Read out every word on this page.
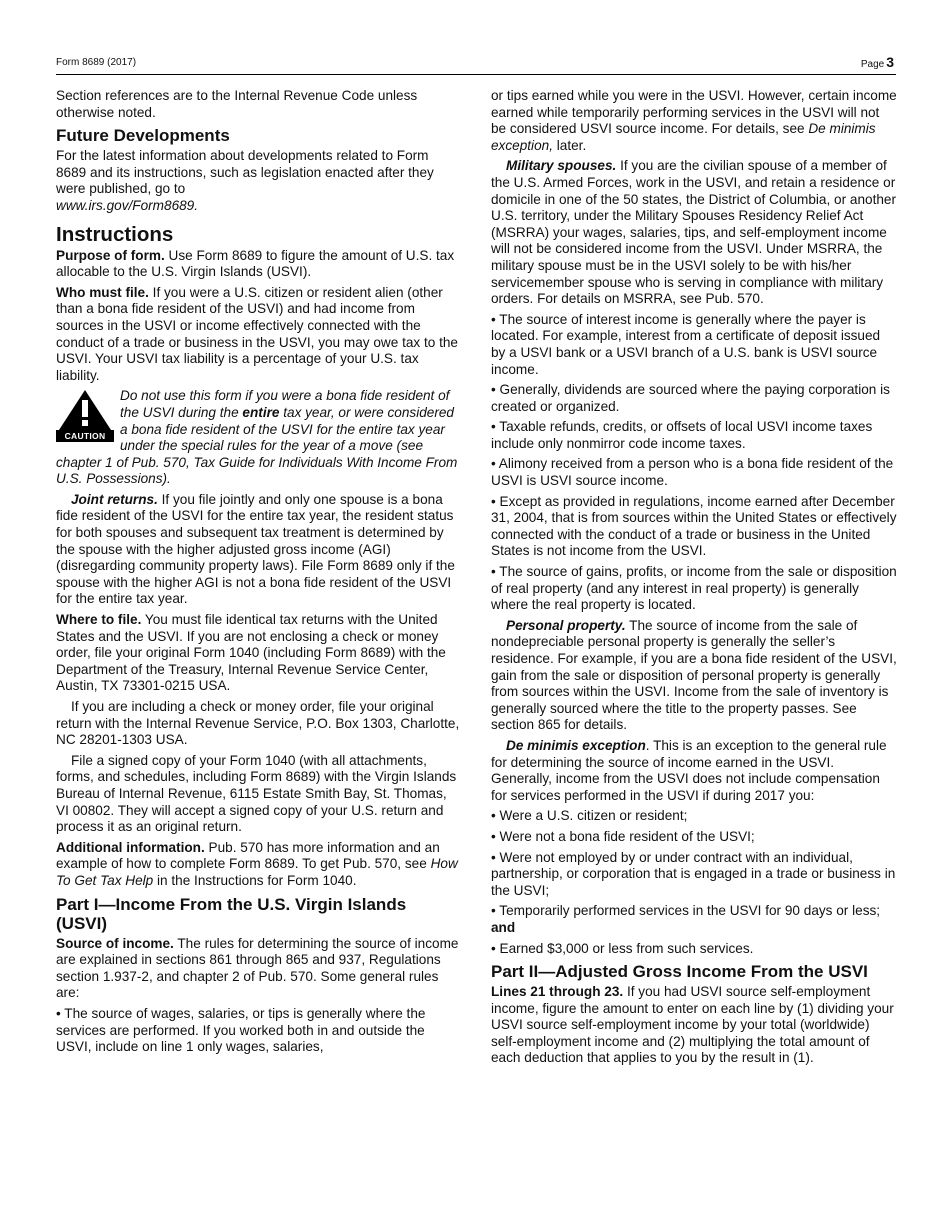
Form 8689 (2017)	Page 3

Section references are to the Internal Revenue Code unless otherwise noted.

Future Developments

For the latest information about developments related to Form 8689 and its instructions, such as legislation enacted after they were published, go to
www.irs.gov/Form8689.

Instructions

Purpose of form. Use Form 8689 to figure the amount of U.S. tax allocable to the U.S. Virgin Islands (USVI).

Who must file. If you were a U.S. citizen or resident alien (other than a bona fide resident of the USVI) and had income from sources in the USVI or income effectively connected with the conduct of a trade or business in the USVI, you may owe tax to the USVI. Your USVI tax liability is a percentage of your U.S. tax liability.

CAUTION
Do not use this form if you were a bona fide resident of the USVI during the entire tax year, or were considered a bona fide resident of the USVI for the entire tax year under the special rules for the year of a move (see chapter 1 of Pub. 570, Tax Guide for Individuals With Income From U.S. Possessions).

Joint returns. If you file jointly and only one spouse is a bona fide resident of the USVI for the entire tax year, the resident status for both spouses and subsequent tax treatment is determined by the spouse with the higher adjusted gross income (AGI) (disregarding community property laws). File Form 8689 only if the spouse with the higher AGI is not a bona fide resident of the USVI for the entire tax year.

Where to file. You must file identical tax returns with the United States and the USVI. If you are not enclosing a check or money order, file your original Form 1040 (including Form 8689) with the Department of the Treasury, Internal Revenue Service Center, Austin, TX 73301-0215 USA.

If you are including a check or money order, file your original return with the Internal Revenue Service, P.O. Box 1303, Charlotte, NC 28201-1303 USA.

File a signed copy of your Form 1040 (with all attachments, forms, and schedules, including Form 8689) with the Virgin Islands Bureau of Internal Revenue, 6115 Estate Smith Bay, St. Thomas, VI 00802. They will accept a signed copy of your U.S. return and process it as an original return.

Additional information. Pub. 570 has more information and an example of how to complete Form 8689. To get Pub. 570, see How To Get Tax Help in the Instructions for Form 1040.

Part I—Income From the U.S. Virgin Islands (USVI)

Source of income. The rules for determining the source of income are explained in sections 861 through 865 and 937, Regulations section 1.937-2, and chapter 2 of Pub. 570. Some general rules are:

• The source of wages, salaries, or tips is generally where the services are performed. If you worked both in and outside the USVI, include on line 1 only wages, salaries,

or tips earned while you were in the USVI. However, certain income earned while temporarily performing services in the USVI will not be considered USVI source income. For details, see De minimis exception, later.

Military spouses. If you are the civilian spouse of a member of the U.S. Armed Forces, work in the USVI, and retain a residence or domicile in one of the 50 states, the District of Columbia, or another U.S. territory, under the Military Spouses Residency Relief Act (MSRRA) your wages, salaries, tips, and self-employment income will not be considered income from the USVI. Under MSRRA, the military spouse must be in the USVI solely to be with his/her servicemember spouse who is serving in compliance with military orders. For details on MSRRA, see Pub. 570.

• The source of interest income is generally where the payer is located. For example, interest from a certificate of deposit issued by a USVI bank or a USVI branch of a U.S. bank is USVI source income.

• Generally, dividends are sourced where the paying corporation is created or organized.

• Taxable refunds, credits, or offsets of local USVI income taxes include only nonmirror code income taxes.

• Alimony received from a person who is a bona fide resident of the USVI is USVI source income.

• Except as provided in regulations, income earned after December 31, 2004, that is from sources within the United States or effectively connected with the conduct of a trade or business in the United States is not income from the USVI.

• The source of gains, profits, or income from the sale or disposition of real property (and any interest in real property) is generally where the real property is located.

Personal property. The source of income from the sale of nondepreciable personal property is generally the seller’s residence. For example, if you are a bona fide resident of the USVI, gain from the sale or disposition of personal property is generally from sources within the USVI. Income from the sale of inventory is generally sourced where the title to the property passes. See section 865 for details.

De minimis exception. This is an exception to the general rule for determining the source of income earned in the USVI. Generally, income from the USVI does not include compensation for services performed in the USVI if during 2017 you:

• Were a U.S. citizen or resident;

• Were not a bona fide resident of the USVI;

• Were not employed by or under contract with an individual, partnership, or corporation that is engaged in a trade or business in the USVI;

• Temporarily performed services in the USVI for 90 days or less; and

• Earned $3,000 or less from such services.

Part II—Adjusted Gross Income From the USVI

Lines 21 through 23. If you had USVI source self-employment income, figure the amount to enter on each line by (1) dividing your USVI source self-employment income by your total (worldwide) self-employment income and (2) multiplying the total amount of each deduction that applies to you by the result in (1).
